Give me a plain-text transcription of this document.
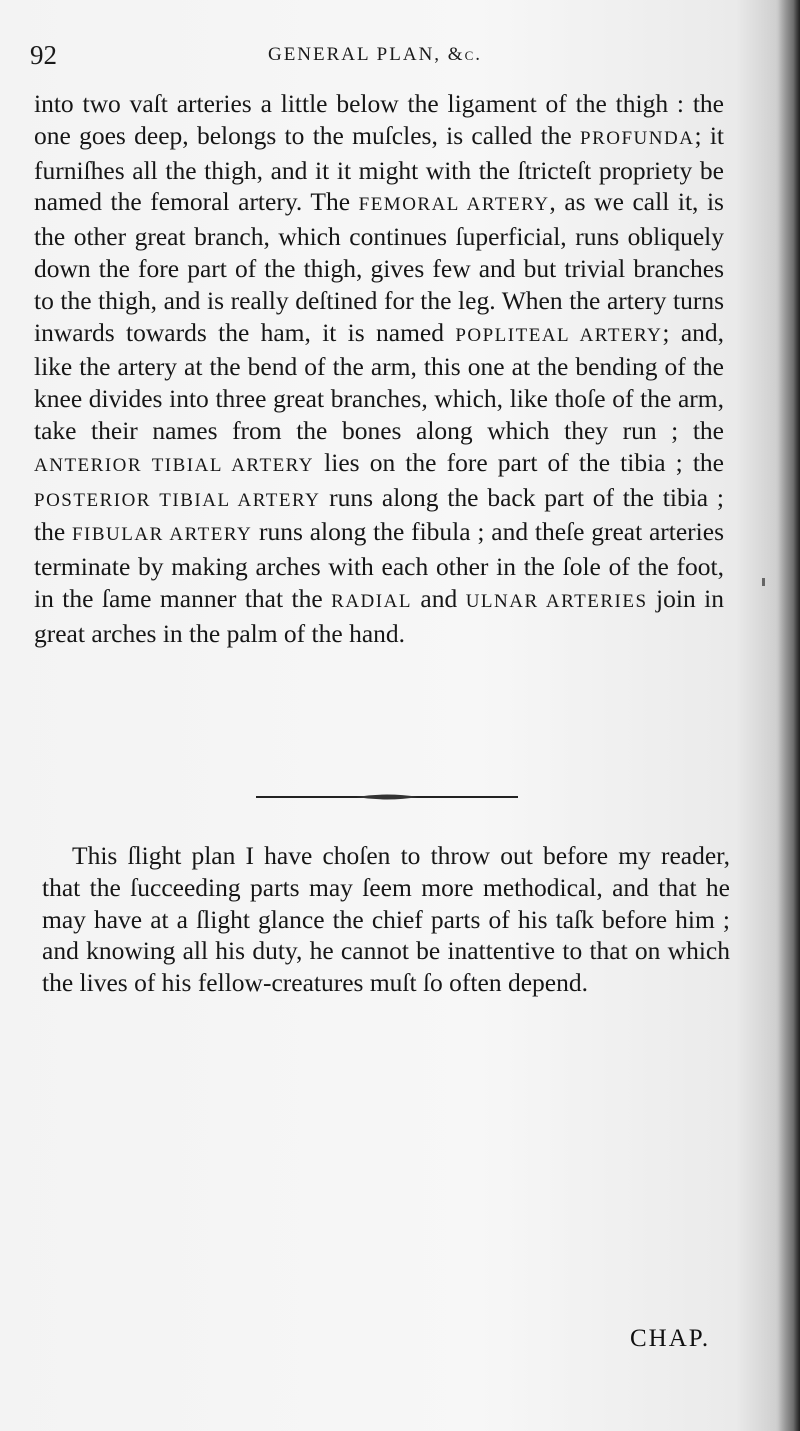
92	GENERAL PLAN, &c.
into two vaſt arteries a little below the ligament of the thigh : the one goes deep, belongs to the muſcles, is called the PROFUNDA; it furniſhes all the thigh, and it it might with the ſtricteſt propriety be named the femoral artery. The FEMORAL ARTERY, as we call it, is the other great branch, which continues ſuperficial, runs obliquely down the fore part of the thigh, gives few and but trivial branches to the thigh, and is really deſtined for the leg. When the artery turns inwards towards the ham, it is named POPLITEAL ARTERY; and, like the artery at the bend of the arm, this one at the bending of the knee divides into three great branches, which, like thoſe of the arm, take their names from the bones along which they run ; the ANTERIOR TIBIAL ARTERY lies on the fore part of the tibia ; the POSTERIOR TIBIAL ARTERY runs along the back part of the tibia ; the FIBULAR ARTERY runs along the fibula ; and theſe great arteries terminate by making arches with each other in the ſole of the foot, in the ſame manner that the RADIAL and ULNAR ARTERIES join in great arches in the palm of the hand.
This ſlight plan I have choſen to throw out before my reader, that the ſucceeding parts may ſeem more methodical, and that he may have at a ſlight glance the chief parts of his taſk before him ; and knowing all his duty, he cannot be inattentive to that on which the lives of his fellow-creatures muſt ſo often depend.
CHAP.
